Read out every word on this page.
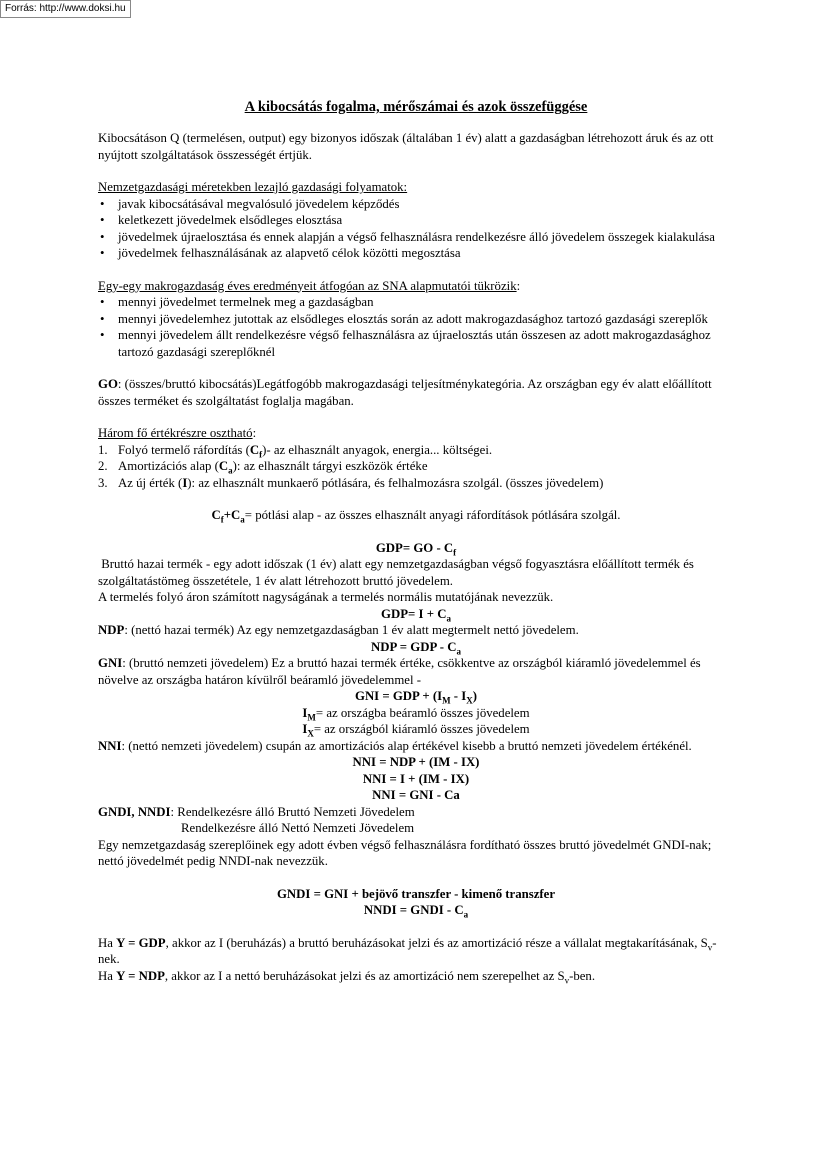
Forrás: http://www.doksi.hu
A kibocsátás fogalma, mérőszámai és azok összefüggése

Kibocsátáson Q (termelésen, output) egy bizonyos időszak (általában 1 év) alatt a gazdaságban létrehozott áruk és az ott nyújtott szolgáltatások összességét értjük.

Nemzetgazdasági méretekben lezajló gazdasági folyamatok:

• javak kibocsátásával megvalósuló jövedelem képződés
• keletkezett jövedelmek elsődleges elosztása
• jövedelmek újraelosztása és ennek alapján a végső felhasználásra rendelkezésre álló jövedelem összegek kialakulása
• jövedelmek felhasználásának az alapvető célok közötti megosztása

Egy-egy makrogazdaság éves eredményeit átfogóan az SNA alapmutatói tükrözik:

• mennyi jövedelmet termelnek meg a gazdaságban
• mennyi jövedelemhez jutottak az elsődleges elosztás során az adott makrogazdasághoz tartozó gazdasági szereplők
• mennyi jövedelem állt rendelkezésre végső felhasználásra az újraelosztás után összesen az adott makrogazdasághoz tartozó gazdasági szereplőknél

GO: (összes/bruttó kibocsátás)Legátfogóbb makrogazdasági teljesítménykategória. Az országban egy év alatt előállított összes terméket és szolgáltatást foglalja magában.

Három fő értékrészre osztható:

1. Folyó termelő ráfordítás $(C_f)-$ az elhasznált anyagok, energia... költségei.
2. Amortizációs alap $(C_a)$: az elhasznált tárgyi eszközök értéke
3. Az új érték (I): az elhasznált munkaerő pótlására, és felhalmozásra szolgál. (összes jövedelem)

$C_f+C_a=$ pótlási alap - az összes elhasznált anyagi ráfordítások pótlására szolgál.

GDP= GO - $C_f$

Bruttó hazai termék - egy adott időszak (1 év) alatt egy nemzetgazdaságban végső fogyasztásra előállított termék és szolgáltatástömeg összetétele, 1 év alatt létrehozott bruttó jövedelem.

A termelés folyó áron számított nagyságának a termelés normális mutatójának nevezzük.

$GDP= I + C_a$

NDP: (nettó hazai termék) Az egy nemzetgazdaságban 1 év alatt megtermelt nettó jövedelem.

NDP = GDP - $C_a$

GNI: (bruttó nemzeti jövedelem) Ez a bruttó hazai termék értéke, csökkentve az országból kiáramló jövedelemmel és növelve az országba határon kívülről beáramló jövedelemmel -

GNI = GDP + $(I_M - I_X)$

$I_M=$ az országba beáramló összes jövedelem

$I_X=$ az országból kiáramló összes jövedelem

NNI: (nettó nemzeti jövedelem) csupán az amortizációs alap értékével kisebb a bruttó nemzeti jövedelem értékénél.

NNI = NDP + (IM - IX)

NNI = I + (IM - IX)

NNI = GNI - Ca

GNDI, NNDI: Rendelkezésre álló Bruttó Nemzeti Jövedelem

Rendelkezésre álló Nettó Nemzeti Jövedelem

Egy nemzetgazdaság szereplőinek egy adott évben végső felhasználásra fordítható összes bruttó jövedelmét GNDI-nak; nettó jövedelmét pedig NNDI-nak nevezzük.

GNDI = GNI + bejövő transzfer - kimenő transzfer

NNDI = GNDI - $C_a$

Ha Y = GDP, akkor az I (beruházás) a bruttó beruházásokat jelzi és az amortizáció része a vállalat megtakarításának, $S_v$-nek.

Ha Y = NDP, akkor az I a nettó beruházásokat jelzi és az amortizáció nem szerepelhet az $S_v$-ben.
